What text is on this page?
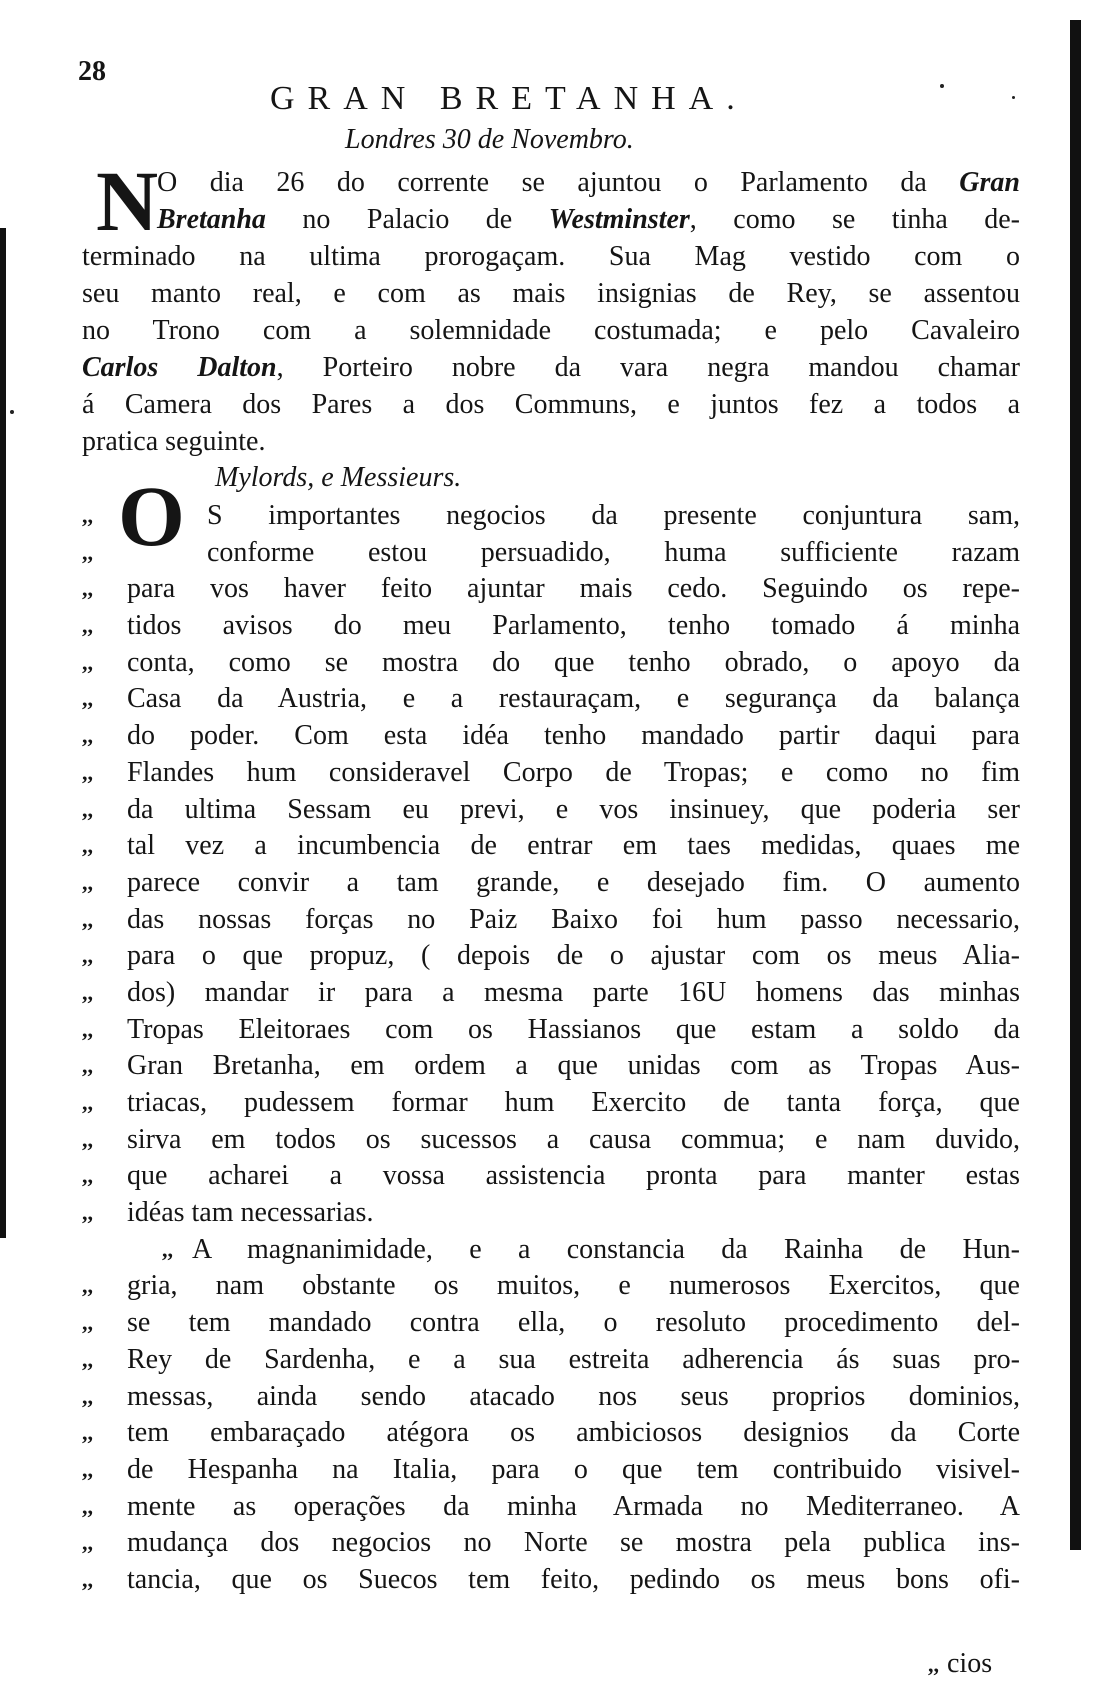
28
GRAN BRETANHA.
Londres 30 de Novembro.
N
O dia 26 do corrente se ajuntou o Parlamento da Gran
Bretanha no Palacio de Westminster, como se tinha de-
terminado na ultima prorogaçam. Sua Mag vestido com o
seu manto real, e com as mais insignias de Rey, se assentou
no Trono com a solemnidade costumada; e pelo Cavaleiro
Carlos Dalton, Porteiro nobre da vara negra mandou chamar
á Camera dos Pares a dos Communs, e juntos fez a todos a
pratica seguinte.
Mylords, e Messieurs.
,,	S importantes negocios da presente conjuntura sam,
,,	conforme estou persuadido, huma sufficiente razam
,,	para vos haver feito ajuntar mais cedo. Seguindo os repe-
,,	tidos avisos do meu Parlamento, tenho tomado á minha
,,	conta, como se mostra do que tenho obrado, o apoyo da
,,	Casa da Austria, e a restauraçam, e segurança da balança
,,	do poder. Com esta idéa tenho mandado partir daqui para
,,	Flandes hum consideravel Corpo de Tropas; e como no fim
,,	da ultima Sessam eu previ, e vos insinuey, que poderia ser
,,	tal vez a incumbencia de entrar em taes medidas, quaes me
,,	parece convir a tam grande, e desejado fim. O aumento
,,	das nossas forças no Paiz Baixo foi hum passo necessario,
,,	para o que propuz, ( depois de o ajustar com os meus Alia-
,,	dos) mandar ir para a mesma parte 16U homens das minhas
,,	Tropas Eleitoraes com os Hassianos que estam a soldo da
,,	Gran Bretanha, em ordem a que unidas com as Tropas Aus-
,,	triacas, pudessem formar hum Exercito de tanta força, que
,,	sirva em todos os sucessos a causa commua; e nam duvido,
,,	que acharei a vossa assistencia pronta para manter estas
,,	idéas tam necessarias.
,, A magnanimidade, e a constancia da Rainha de Hun-
,,	gria, nam obstante os muitos, e numerosos Exercitos, que
,,	se tem mandado contra ella, o resoluto procedimento del-
,,	Rey de Sardenha, e a sua estreita adherencia ás suas pro-
,,	messas, ainda sendo atacado nos seus proprios dominios,
,,	tem embaraçado atégora os ambiciosos designios da Corte
,,	de Hespanha na Italia, para o que tem contribuido visivel-
,,	mente as operações da minha Armada no Mediterraneo. A
,,	mudança dos negocios no Norte se mostra pela publica ins-
,,	tancia, que os Suecos tem feito, pedindo os meus bons ofi-
O
,, cios
